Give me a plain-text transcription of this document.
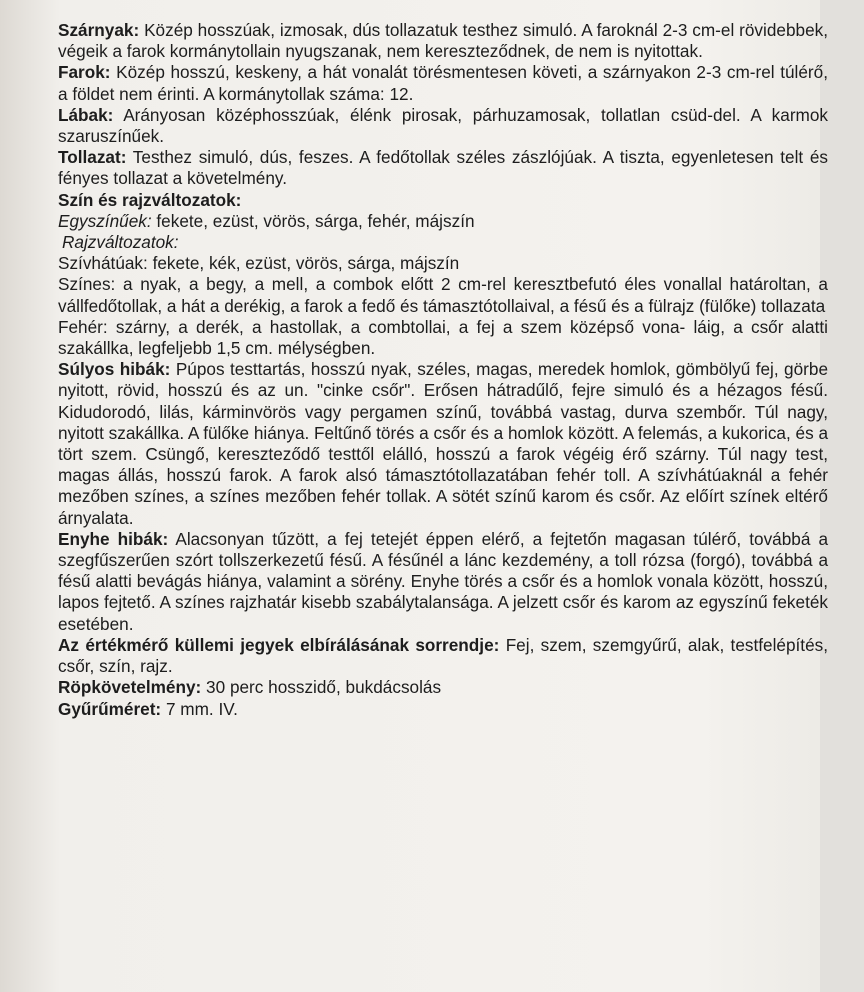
Szárnyak: Közép hosszúak, izmosak, dús tollazatuk testhez simuló. A faroknál 2-3 cm-el rövidebbek, végeik a farok kormánytollain nyugszanak, nem kereszteződnek, de nem is nyitottak.

Farok: Közép hosszú, keskeny, a hát vonalát törésmentesen követi, a szárnyakon 2-3 cm-rel túlérő, a földet nem érinti. A kormánytollak száma: 12.

Lábak: Arányosan középhosszúak, élénk pirosak, párhuzamosak, tollatlan csüd-del. A karmok szaruszínűek.

Tollazat: Testhez simuló, dús, feszes. A fedőtollak széles zászlójúak. A tiszta, egyenletesen telt és fényes tollazat a követelmény.

Szín és rajzváltozatok:

Egyszínűek: fekete, ezüst, vörös, sárga, fehér, májszín

Rajzváltozatok:

Szívhátúak: fekete, kék, ezüst, vörös, sárga, májszín

Színes: a nyak, a begy, a mell, a combok előtt 2 cm-rel keresztbefutó éles vonallal határoltan, a vállfedőtollak, a hát a derékig, a farok a fedő és támasztótollaival, a fésű és a fülrajz (fülőke) tollazata

Fehér: szárny, a derék, a hastollak, a combtollai, a fej a szem középső vona- láig, a csőr alatti szakállka, legfeljebb 1,5 cm. mélységben.

Súlyos hibák: Púpos testtartás, hosszú nyak, széles, magas, meredek homlok, gömbölyű fej, görbe nyitott, rövid, hosszú és az un. "cinke csőr". Erősen hátradűlő, fejre simuló és a hézagos fésű. Kidudorodó, lilás, kárminvörös vagy pergamen színű, továbbá vastag, durva szembőr. Túl nagy, nyitott szakállka. A fülőke hiánya. Feltűnő törés a csőr és a homlok között. A felemás, a kukorica, és a tört szem. Csüngő, kereszteződő testtől elálló, hosszú a farok végéig érő szárny. Túl nagy test, magas állás, hosszú farok. A farok alsó támasztótollazatában fehér toll. A szívhátúaknál a fehér mezőben színes, a színes mezőben fehér tollak. A sötét színű karom és csőr. Az előírt színek eltérő árnyalata.

Enyhe hibák: Alacsonyan tűzött, a fej tetejét éppen elérő, a fejtetőn magasan túlérő, továbbá a szegfűszerűen szórt tollszerkezetű fésű. A fésűnél a lánc kezdemény, a toll rózsa (forgó), továbbá a fésű alatti bevágás hiánya, valamint a sörény. Enyhe törés a csőr és a homlok vonala között, hosszú, lapos fejtető. A színes rajzhatár kisebb szabálytalansága. A jelzett csőr és karom az egyszínű feketék esetében.

Az értékmérő küllemi jegyek elbírálásának sorrendje: Fej, szem, szemgyűrű, alak, testfelépítés, csőr, szín, rajz.

Röpkövetelmény: 30 perc hosszidő, bukdácsolás

Gyűrűméret: 7 mm. IV.
